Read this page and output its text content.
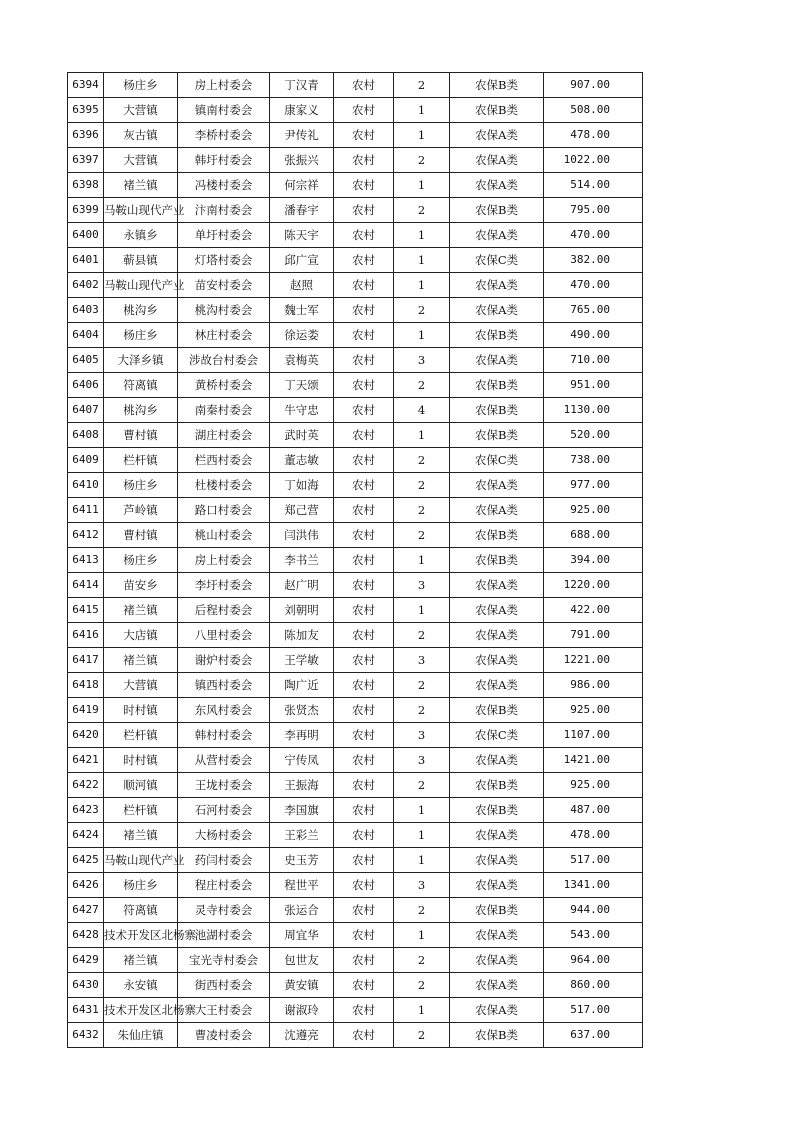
6394	杨庄乡	房上村委会	丁汉青	农村	2	农保B类	907.00
6395	大营镇	镇南村委会	康家义	农村	1	农保B类	508.00
6396	灰古镇	李桥村委会	尹传礼	农村	1	农保A类	478.00
6397	大营镇	韩圩村委会	张振兴	农村	2	农保A类	1022.00
6398	褚兰镇	冯楼村委会	何宗祥	农村	1	农保A类	514.00
6399	马鞍山现代产业	汴南村委会	潘春宇	农村	2	农保B类	795.00
6400	永镇乡	单圩村委会	陈天宇	农村	1	农保A类	470.00
6401	蕲县镇	灯塔村委会	邱广宣	农村	1	农保C类	382.00
6402	马鞍山现代产业	苗安村委会	赵照	农村	1	农保A类	470.00
6403	桃沟乡	桃沟村委会	魏士军	农村	2	农保A类	765.00
6404	杨庄乡	林庄村委会	徐运娄	农村	1	农保B类	490.00
6405	大泽乡镇	涉故台村委会	袁梅英	农村	3	农保A类	710.00
6406	符离镇	黄桥村委会	丁天颂	农村	2	农保B类	951.00
6407	桃沟乡	南秦村委会	牛守忠	农村	4	农保B类	1130.00
6408	曹村镇	湖庄村委会	武时英	农村	1	农保B类	520.00
6409	栏杆镇	栏西村委会	董志敏	农村	2	农保C类	738.00
6410	杨庄乡	杜楼村委会	丁如海	农村	2	农保A类	977.00
6411	芦岭镇	路口村委会	郑己营	农村	2	农保A类	925.00
6412	曹村镇	桃山村委会	闫洪伟	农村	2	农保B类	688.00
6413	杨庄乡	房上村委会	李书兰	农村	1	农保B类	394.00
6414	苗安乡	李圩村委会	赵广明	农村	3	农保A类	1220.00
6415	褚兰镇	后程村委会	刘朝明	农村	1	农保A类	422.00
6416	大店镇	八里村委会	陈加友	农村	2	农保A类	791.00
6417	褚兰镇	谢炉村委会	王学敏	农村	3	农保A类	1221.00
6418	大营镇	镇西村委会	陶广近	农村	2	农保A类	986.00
6419	时村镇	东风村委会	张贤杰	农村	2	农保B类	925.00
6420	栏杆镇	韩村村委会	李再明	农村	3	农保C类	1107.00
6421	时村镇	从营村委会	宁传凤	农村	3	农保A类	1421.00
6422	顺河镇	王垅村委会	王振海	农村	2	农保B类	925.00
6423	栏杆镇	石河村委会	李国旗	农村	1	农保B类	487.00
6424	褚兰镇	大杨村委会	王彩兰	农村	1	农保A类	478.00
6425	马鞍山现代产业	药闫村委会	史玉芳	农村	1	农保A类	517.00
6426	杨庄乡	程庄村委会	程世平	农村	3	农保A类	1341.00
6427	符离镇	灵寺村委会	张运合	农村	2	农保B类	944.00
6428	技术开发区北杨寨	池湖村委会	周宜华	农村	1	农保A类	543.00
6429	褚兰镇	宝光寺村委会	包世友	农村	2	农保A类	964.00
6430	永安镇	街西村委会	黄安镇	农村	2	农保A类	860.00
6431	技术开发区北杨寨	大王村委会	谢淑玲	农村	1	农保A类	517.00
6432	朱仙庄镇	曹凌村委会	沈遵亮	农村	2	农保B类	637.00
